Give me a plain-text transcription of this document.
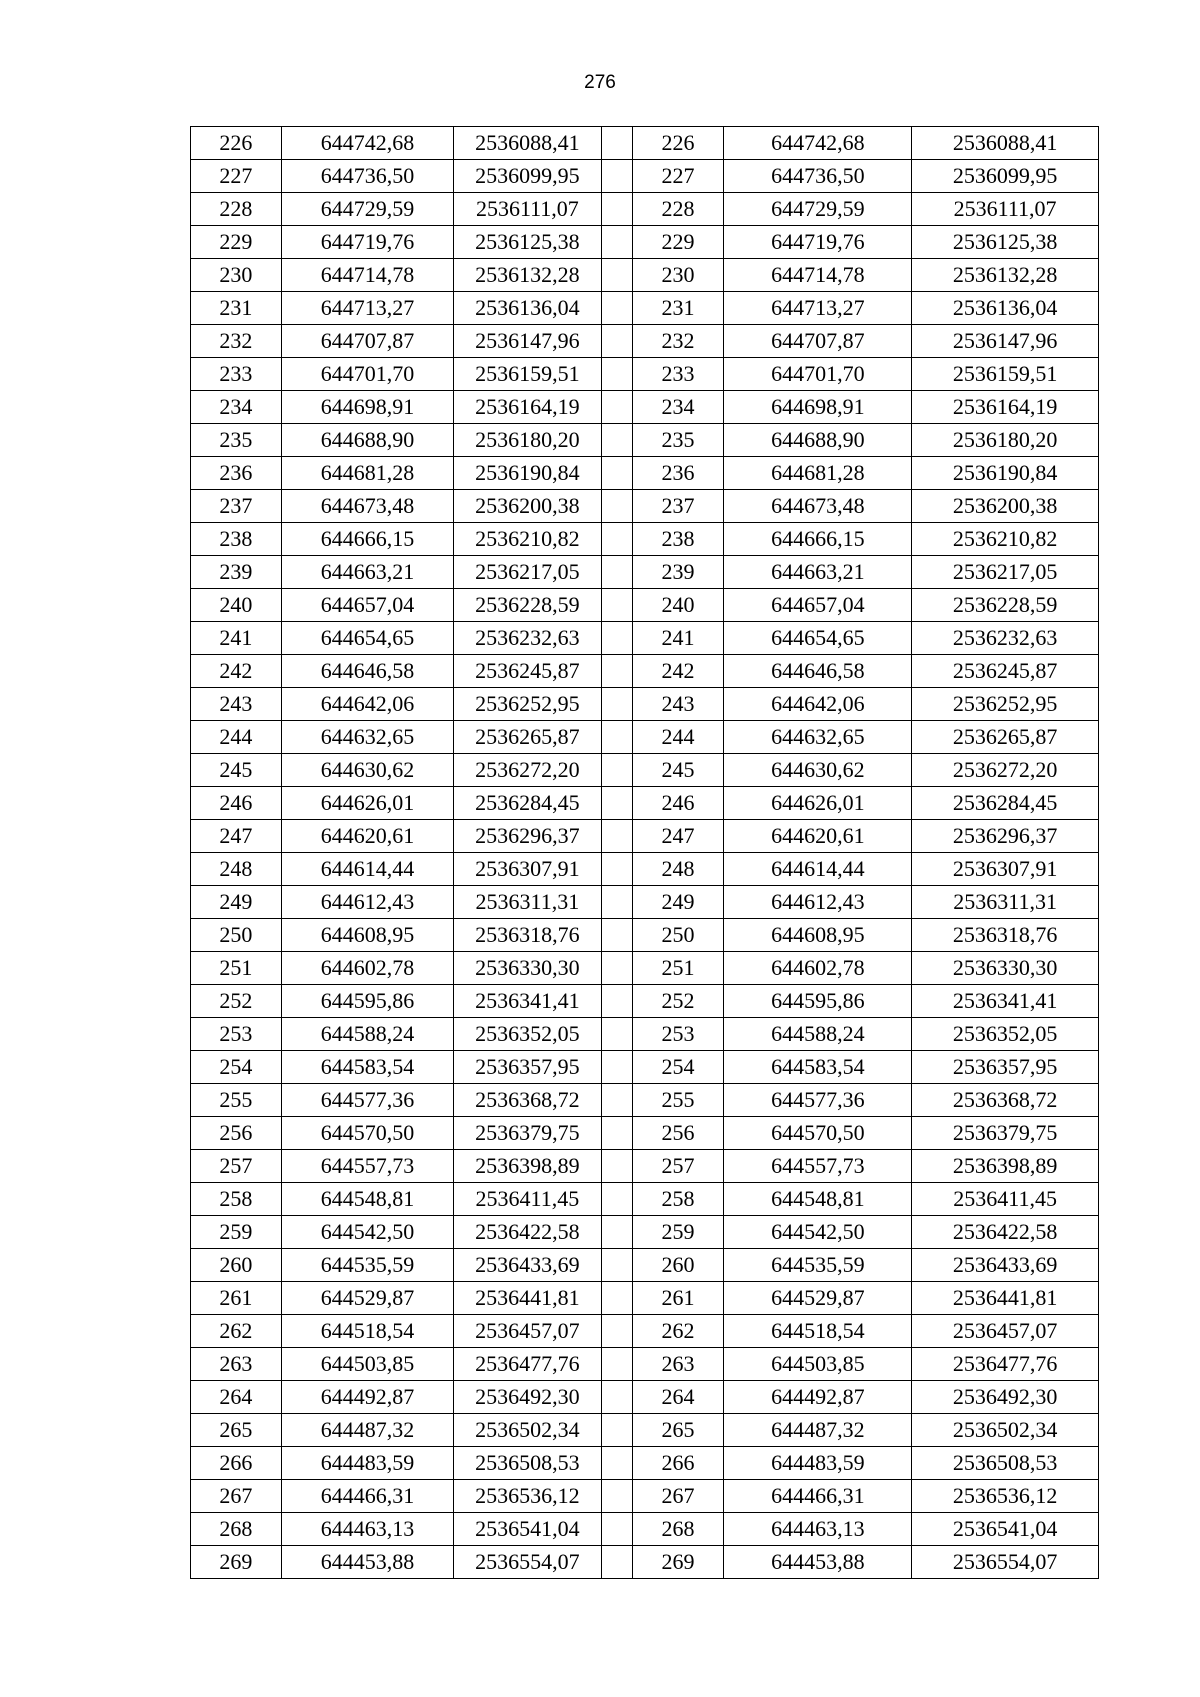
276
226	644742,68	2536088,41		226	644742,68	2536088,41
227	644736,50	2536099,95		227	644736,50	2536099,95
228	644729,59	2536111,07		228	644729,59	2536111,07
229	644719,76	2536125,38		229	644719,76	2536125,38
230	644714,78	2536132,28		230	644714,78	2536132,28
231	644713,27	2536136,04		231	644713,27	2536136,04
232	644707,87	2536147,96		232	644707,87	2536147,96
233	644701,70	2536159,51		233	644701,70	2536159,51
234	644698,91	2536164,19		234	644698,91	2536164,19
235	644688,90	2536180,20		235	644688,90	2536180,20
236	644681,28	2536190,84		236	644681,28	2536190,84
237	644673,48	2536200,38		237	644673,48	2536200,38
238	644666,15	2536210,82		238	644666,15	2536210,82
239	644663,21	2536217,05		239	644663,21	2536217,05
240	644657,04	2536228,59		240	644657,04	2536228,59
241	644654,65	2536232,63		241	644654,65	2536232,63
242	644646,58	2536245,87		242	644646,58	2536245,87
243	644642,06	2536252,95		243	644642,06	2536252,95
244	644632,65	2536265,87		244	644632,65	2536265,87
245	644630,62	2536272,20		245	644630,62	2536272,20
246	644626,01	2536284,45		246	644626,01	2536284,45
247	644620,61	2536296,37		247	644620,61	2536296,37
248	644614,44	2536307,91		248	644614,44	2536307,91
249	644612,43	2536311,31		249	644612,43	2536311,31
250	644608,95	2536318,76		250	644608,95	2536318,76
251	644602,78	2536330,30		251	644602,78	2536330,30
252	644595,86	2536341,41		252	644595,86	2536341,41
253	644588,24	2536352,05		253	644588,24	2536352,05
254	644583,54	2536357,95		254	644583,54	2536357,95
255	644577,36	2536368,72		255	644577,36	2536368,72
256	644570,50	2536379,75		256	644570,50	2536379,75
257	644557,73	2536398,89		257	644557,73	2536398,89
258	644548,81	2536411,45		258	644548,81	2536411,45
259	644542,50	2536422,58		259	644542,50	2536422,58
260	644535,59	2536433,69		260	644535,59	2536433,69
261	644529,87	2536441,81		261	644529,87	2536441,81
262	644518,54	2536457,07		262	644518,54	2536457,07
263	644503,85	2536477,76		263	644503,85	2536477,76
264	644492,87	2536492,30		264	644492,87	2536492,30
265	644487,32	2536502,34		265	644487,32	2536502,34
266	644483,59	2536508,53		266	644483,59	2536508,53
267	644466,31	2536536,12		267	644466,31	2536536,12
268	644463,13	2536541,04		268	644463,13	2536541,04
269	644453,88	2536554,07		269	644453,88	2536554,07
